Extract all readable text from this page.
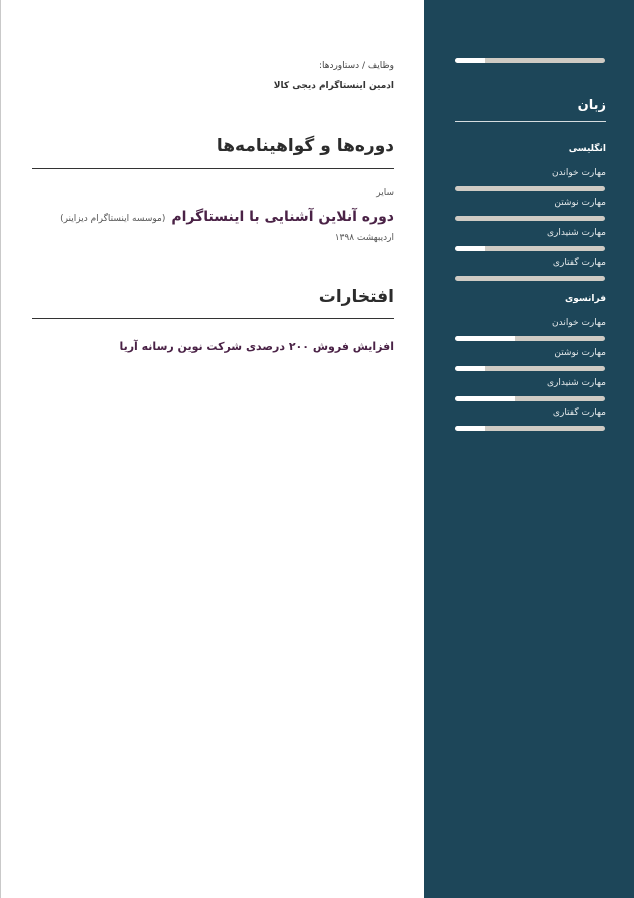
وظایف / دستاوردها:
ادمین اینستاگرام دیجی کالا
دوره‌ها و گواهینامه‌ها
سایر
دوره آنلاین آشنایی با اینستاگرام(موسسه اینستاگرام دیزاینر)
اردیبهشت ۱۳۹۸
افتخارات
افزایش فروش ۲۰۰ درصدی شرکت نوین رسانه آریا
زبان
انگلیسی
مهارت خواندن
مهارت نوشتن
مهارت شنیداری
مهارت گفتاری
فرانسوی
مهارت خواندن
مهارت نوشتن
مهارت شنیداری
مهارت گفتاری
